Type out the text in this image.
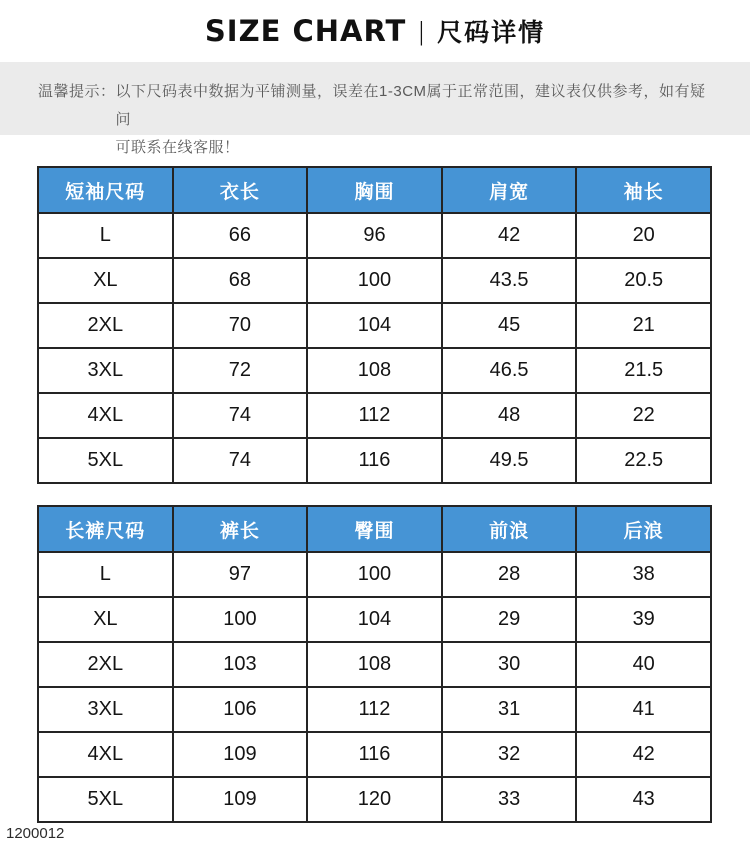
SIZE CHART | 尺码详情
温馨提示： 以下尺码表中数据为平铺测量，误差在1-3CM属于正常范围，建议表仅供参考，如有疑问
可联系在线客服！
短袖尺码	衣长	胸围	肩宽	袖长
L	66	96	42	20
XL	68	100	43.5	20.5
2XL	70	104	45	21
3XL	72	108	46.5	21.5
4XL	74	112	48	22
5XL	74	116	49.5	22.5
长裤尺码	裤长	臀围	前浪	后浪
L	97	100	28	38
XL	100	104	29	39
2XL	103	108	30	40
3XL	106	112	31	41
4XL	109	116	32	42
5XL	109	120	33	43
1200012
